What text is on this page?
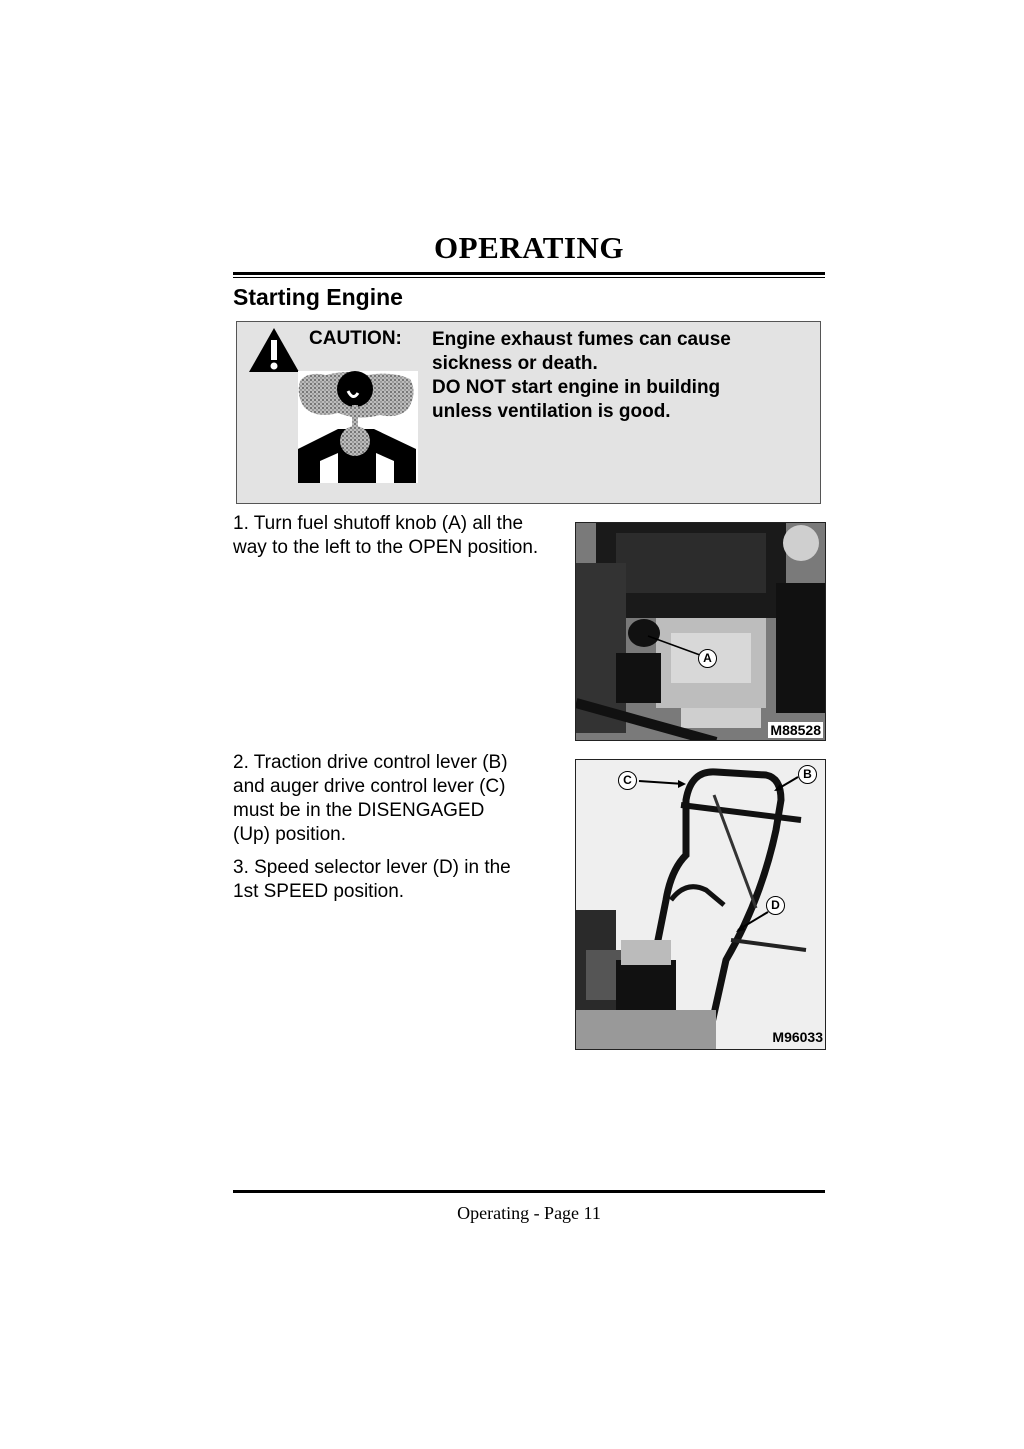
OPERATING
Starting Engine
CAUTION: Engine exhaust fumes can cause
sickness or death.
DO NOT start engine in building
unless ventilation is good.
1. Turn fuel shutoff knob (A) all the
way to the left to the OPEN position.
A
M88528
2. Traction drive control lever (B)
and auger drive control lever (C)
must be in the DISENGAGED
(Up) position.
3. Speed selector lever (D) in the
1st SPEED position.
C	B
D
M96033
Operating - Page 11
